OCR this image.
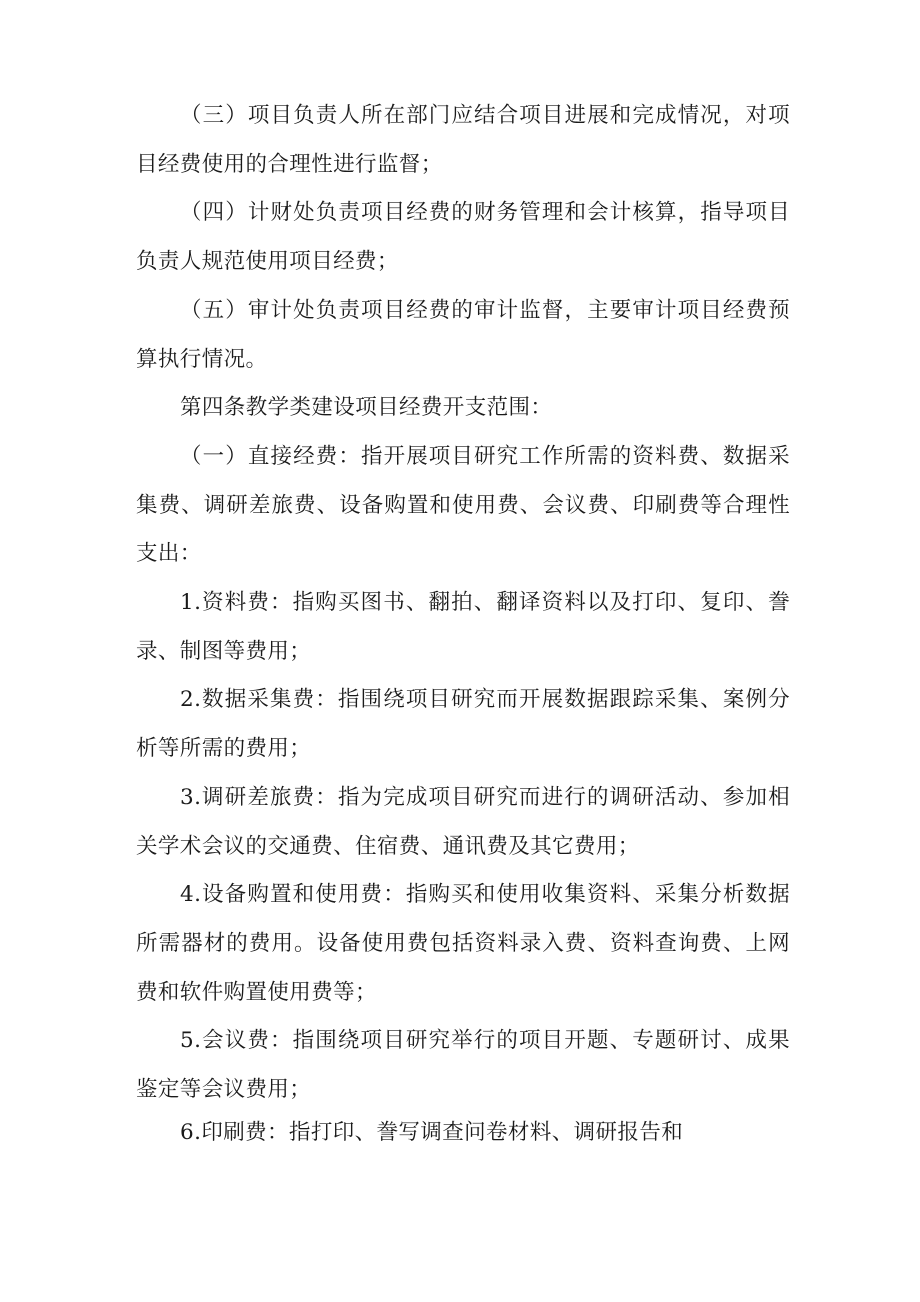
（三）项目负责人所在部门应结合项目进展和完成情况，对项目经费使用的合理性进行监督；

（四）计财处负责项目经费的财务管理和会计核算，指导项目负责人规范使用项目经费；

（五）审计处负责项目经费的审计监督，主要审计项目经费预算执行情况。

第四条教学类建设项目经费开支范围：

（一）直接经费：指开展项目研究工作所需的资料费、数据采集费、调研差旅费、设备购置和使用费、会议费、印刷费等合理性支出：

1.资料费：指购买图书、翻拍、翻译资料以及打印、复印、誊录、制图等费用；

2.数据采集费：指围绕项目研究而开展数据跟踪采集、案例分析等所需的费用；

3.调研差旅费：指为完成项目研究而进行的调研活动、参加相关学术会议的交通费、住宿费、通讯费及其它费用；

4.设备购置和使用费：指购买和使用收集资料、采集分析数据所需器材的费用。设备使用费包括资料录入费、资料查询费、上网费和软件购置使用费等；

5.会议费：指围绕项目研究举行的项目开题、专题研讨、成果鉴定等会议费用；

6.印刷费：指打印、誊写调查问卷材料、调研报告和
